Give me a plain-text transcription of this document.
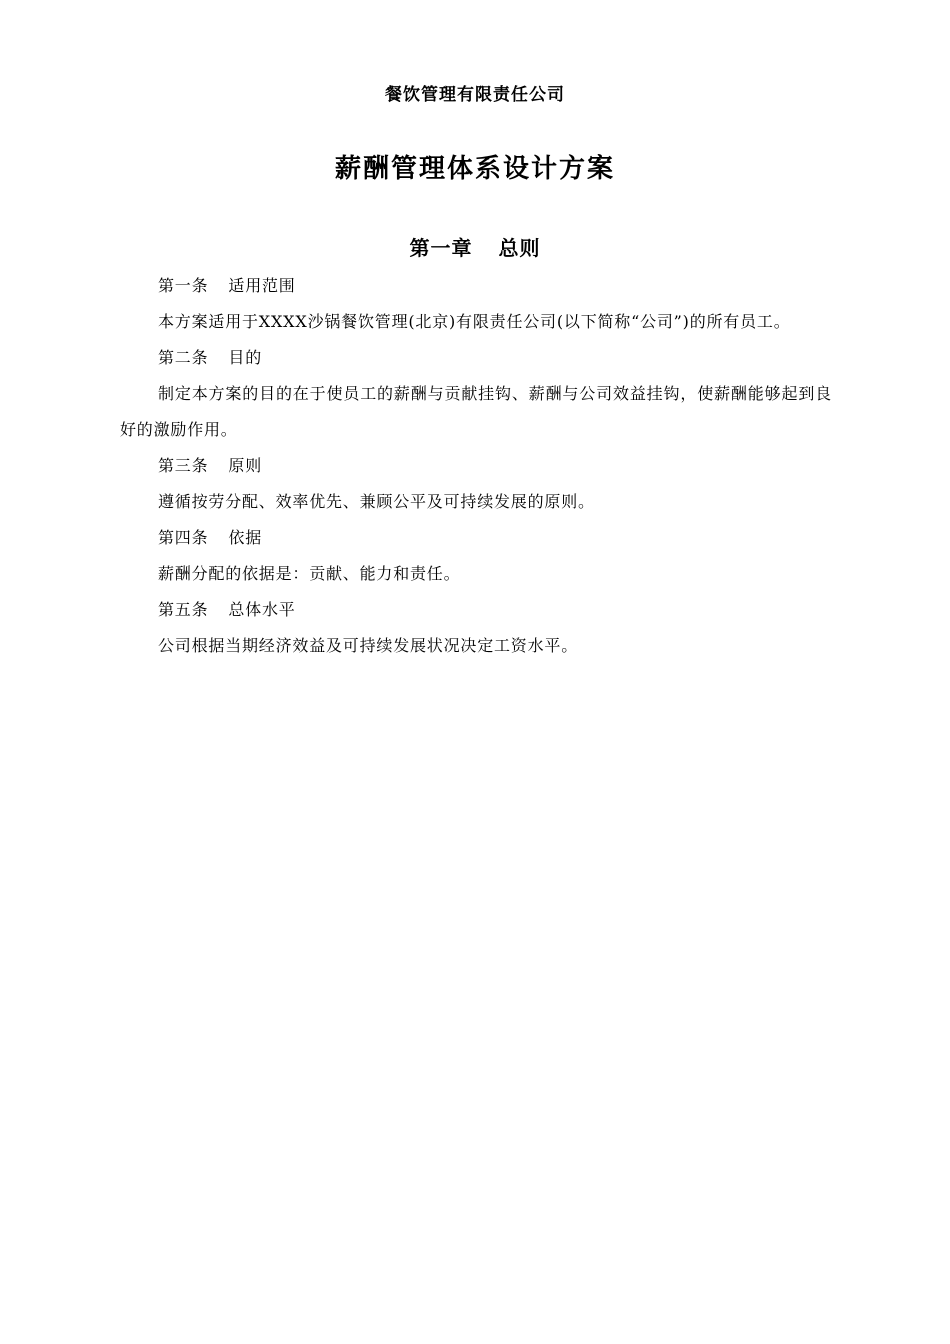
餐饮管理有限责任公司
薪酬管理体系设计方案
第一章 总则

第一条 适用范围

本方案适用于XXXX沙锅餐饮管理(北京)有限责任公司(以下简称“公司”)的所有员工。

第二条 目的

制定本方案的目的在于使员工的薪酬与贡献挂钩、薪酬与公司效益挂钩，使薪酬能够起到良好的激励作用。

第三条 原则

遵循按劳分配、效率优先、兼顾公平及可持续发展的原则。

第四条 依据

薪酬分配的依据是：贡献、能力和责任。

第五条 总体水平

公司根据当期经济效益及可持续发展状况决定工资水平。
